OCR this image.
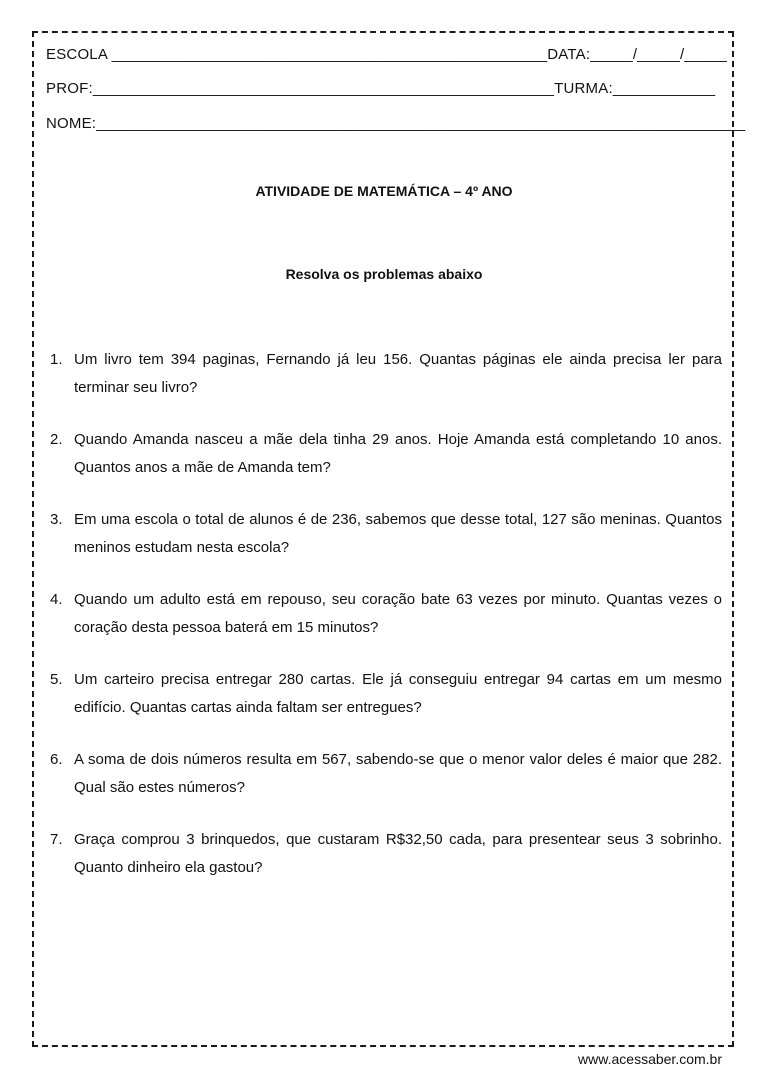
ESCOLA ___________________________________________________DATA:_____/_____/_____
PROF:______________________________________________________TURMA:____________
NOME:____________________________________________________________________________
ATIVIDADE DE MATEMÁTICA – 4º ANO
Resolva os problemas abaixo
1. Um livro tem 394 paginas, Fernando já leu 156. Quantas páginas ele ainda precisa ler para terminar seu livro?
2. Quando Amanda nasceu a mãe dela tinha 29 anos. Hoje Amanda está completando 10 anos. Quantos anos a mãe de Amanda tem?
3. Em uma escola o total de alunos é de 236, sabemos que desse total, 127 são meninas. Quantos meninos estudam nesta escola?
4. Quando um adulto está em repouso, seu coração bate 63 vezes por minuto. Quantas vezes o coração desta pessoa baterá em 15 minutos?
5. Um carteiro precisa entregar 280 cartas. Ele já conseguiu entregar 94 cartas em um mesmo edifício. Quantas cartas ainda faltam ser entregues?
6. A soma de dois números resulta em 567, sabendo-se que o menor valor deles é maior que 282. Qual são estes números?
7. Graça comprou 3 brinquedos, que custaram R$32,50 cada, para presentear seus 3 sobrinho. Quanto dinheiro ela gastou?
www.acessaber.com.br
